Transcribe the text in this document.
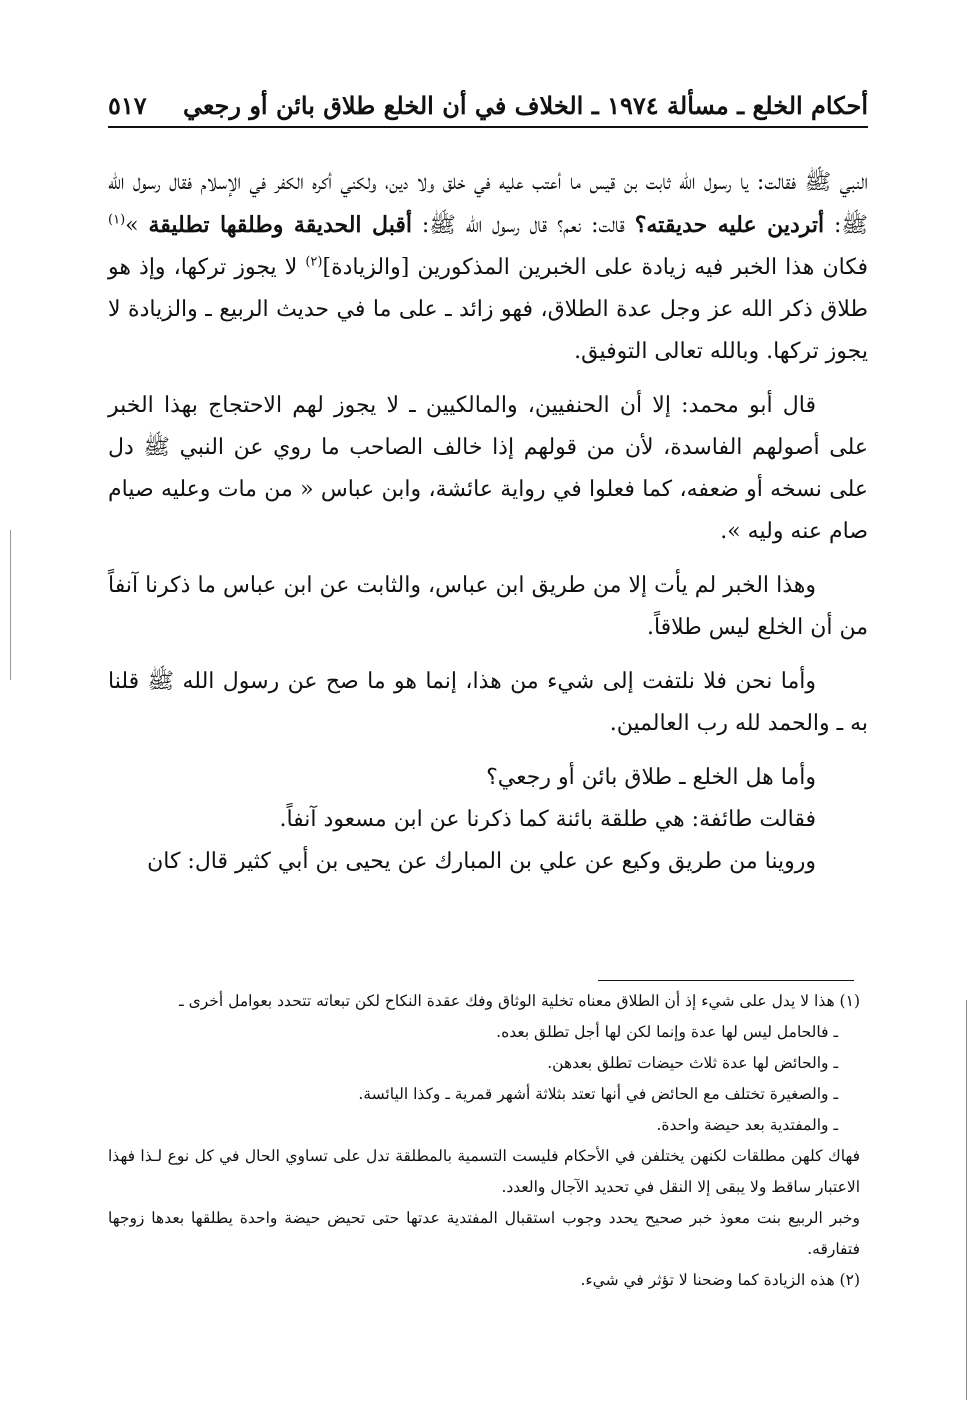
أحكام الخلع ـ مسألة ١٩٧٤ ـ الخلاف في أن الخلع طلاق بائن أو رجعي
٥١٧

النبي ﷺ فقالت: يا رسول الله ثابت بن قيس ما أعتب عليه في خلق ولا دين، ولكني أكره الكفر في الإسلام فقال رسول الله ﷺ: أتردين عليه حديقته؟ قالت: نعم؟ قال رسول الله ﷺ: أقبل الحديقة وطلقها تطليقة »$^{(١)}$ فكان هذا الخبر فيه زيادة على الخبرين المذكورين [والزيادة]$^{(٢)}$ لا يجوز تركها، وإذ هو طلاق ذكر الله عز وجل عدة الطلاق، فهو زائد ـ على ما في حديث الربيع ـ والزيادة لا يجوز تركها. وبالله تعالى التوفيق.

قال أبو محمد: إلا أن الحنفيين، والمالكيين ـ لا يجوز لهم الاحتجاج بهذا الخبر على أصولهم الفاسدة، لأن من قولهم إذا خالف الصاحب ما روي عن النبي ﷺ دل على نسخه أو ضعفه، كما فعلوا في رواية عائشة، وابن عباس « من مات وعليه صيام صام عنه وليه ».

وهذا الخبر لم يأت إلا من طريق ابن عباس، والثابت عن ابن عباس ما ذكرنا آنفاً من أن الخلع ليس طلاقاً.

وأما نحن فلا نلتفت إلى شيء من هذا، إنما هو ما صح عن رسول الله ﷺ قلنا به ـ والحمد لله رب العالمين.

وأما هل الخلع ـ طلاق بائن أو رجعي؟

فقالت طائفة: هي طلقة بائنة كما ذكرنا عن ابن مسعود آنفاً.

وروينا من طريق وكيع عن علي بن المبارك عن يحيى بن أبي كثير قال: كان

(١) هذا لا يدل على شيء إذ أن الطلاق معناه تخلية الوثاق وفك عقدة النكاح لكن تبعاته تتحدد بعوامل أخرى ـ

ـ فالحامل ليس لها عدة وإنما لكن لها أجل تطلق بعده.

ـ والحائض لها عدة ثلاث حيضات تطلق بعدهن.

ـ والصغيرة تختلف مع الحائض في أنها تعتد بثلاثة أشهر قمرية ـ وكذا اليائسة.

ـ والمفتدية بعد حيضة واحدة.

فهاك كلهن مطلقات لكنهن يختلفن في الأحكام فليست التسمية بالمطلقة تدل على تساوي الحال في كل نوع لـذا فهذا الاعتبار ساقط ولا يبقى إلا النقل في تحديد الآجال والعدد.

وخبر الربيع بنت معوذ خبر صحيح يحدد وجوب استقبال المفتدية عدتها حتى تحيض حيضة واحدة يطلقها بعدها زوجها فتفارقه.

(٢) هذه الزيادة كما وضحنا لا تؤثر في شيء.
